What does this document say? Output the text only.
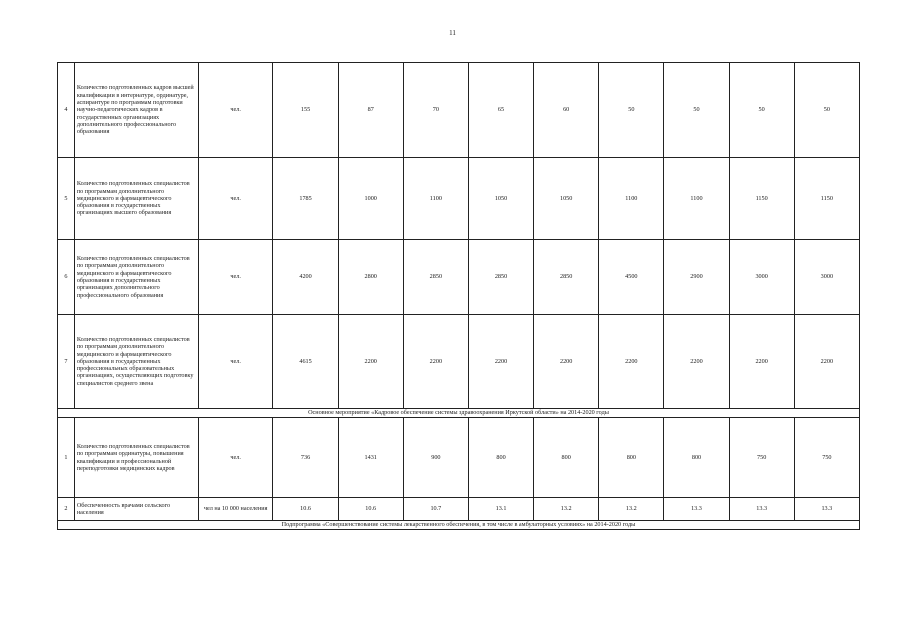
11
4	Количество подготовленных кадров высшей квалификации в интернатуре, ординатуре, аспирантуре по программам подготовки научно-педагогических кадров в государственных организациях дополнительного профессионального образования	чел.	155	87	70	65	60	50	50	50	50
5	Количество подготовленных специалистов по программам дополнительного медицинского и фармацевтического образования в государственных организациях высшего образования	чел.	1785	1000	1100	1050	1050	1100	1100	1150	1150
6	Количество подготовленных специалистов по программам дополнительного медицинского и фармацевтического образования в государственных организациях дополнительного профессионального образования	чел.	4200	2800	2850	2850	2850	4500	2900	3000	3000
7	Количество подготовленных специалистов по программам дополнительного медицинского и фармацевтического образования в государственных профессиональных образовательных организациях, осуществляющих подготовку специалистов среднего звена	чел.	4615	2200	2200	2200	2200	2200	2200	2200	2200
Основное мероприятие «Кадровое обеспечение системы здравоохранения Иркутской области» на 2014-2020 годы											
1	Количество подготовленных специалистов по программам ординатуры, повышения квалификации и профессиональной переподготовки медицинских кадров	чел.	736	1431	900	800	800	800	800	750	750
2	Обеспеченность врачами сельского населения	чел на 10 000 населения	10.6	10.6	10.7	13.1	13.2	13.2	13.3	13.3	13.3
Подпрограмма «Совершенствование системы лекарственного обеспечения, в том числе в амбулаторных условиях» на 2014-2020 годы											
